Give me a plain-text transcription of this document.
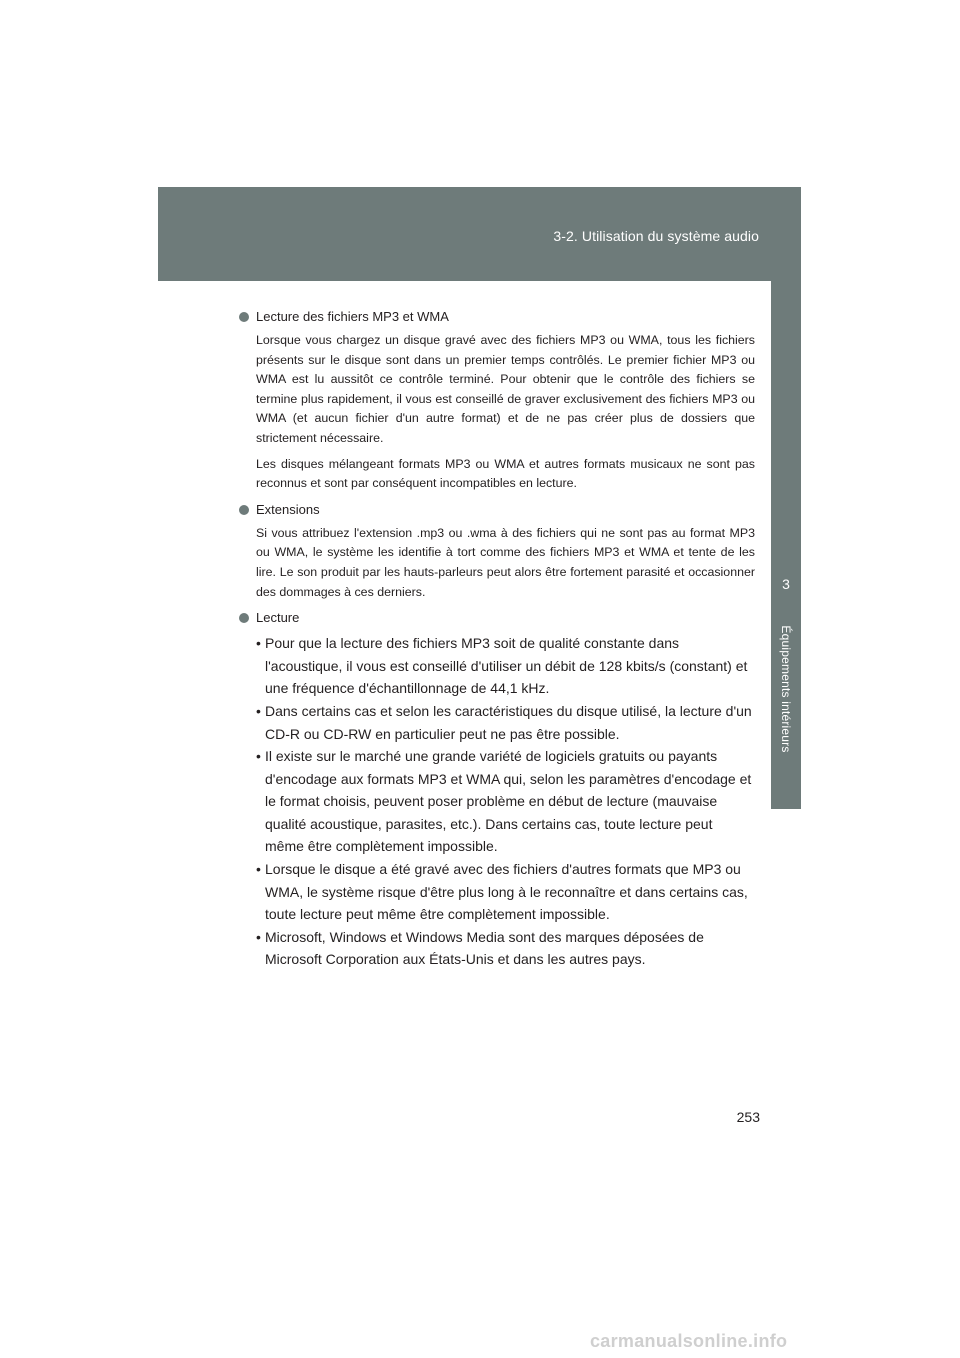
3-2. Utilisation du système audio
3
Équipements intérieurs
Lecture des fichiers MP3 et WMA

Lorsque vous chargez un disque gravé avec des fichiers MP3 ou WMA, tous les fichiers présents sur le disque sont dans un premier temps contrôlés. Le premier fichier MP3 ou WMA est lu aussitôt ce contrôle terminé. Pour obtenir que le contrôle des fichiers se termine plus rapidement, il vous est conseillé de graver exclusivement des fichiers MP3 ou WMA (et aucun fichier d'un autre format) et de ne pas créer plus de dossiers que strictement nécessaire.

Les disques mélangeant formats MP3 ou WMA et autres formats musicaux ne sont pas reconnus et sont par conséquent incompatibles en lecture.

Extensions

Si vous attribuez l'extension .mp3 ou .wma à des fichiers qui ne sont pas au format MP3 ou WMA, le système les identifie à tort comme des fichiers MP3 et WMA et tente de les lire. Le son produit par les hauts-parleurs peut alors être fortement parasité et occasionner des dommages à ces derniers.

Lecture
• Pour que la lecture des fichiers MP3 soit de qualité constante dans l'acoustique, il vous est conseillé d'utiliser un débit de 128 kbits/s (constant) et une fréquence d'échantillonnage de 44,1 kHz.
• Dans certains cas et selon les caractéristiques du disque utilisé, la lecture d'un CD-R ou CD-RW en particulier peut ne pas être possible.
• Il existe sur le marché une grande variété de logiciels gratuits ou payants d'encodage aux formats MP3 et WMA qui, selon les paramètres d'encodage et le format choisis, peuvent poser problème en début de lecture (mauvaise qualité acoustique, parasites, etc.). Dans certains cas, toute lecture peut même être complètement impossible.
• Lorsque le disque a été gravé avec des fichiers d'autres formats que MP3 ou WMA, le système risque d'être plus long à le reconnaître et dans certains cas, toute lecture peut même être complètement impossible.
• Microsoft, Windows et Windows Media sont des marques déposées de Microsoft Corporation aux États-Unis et dans les autres pays.
253
carmanualsonline.info
